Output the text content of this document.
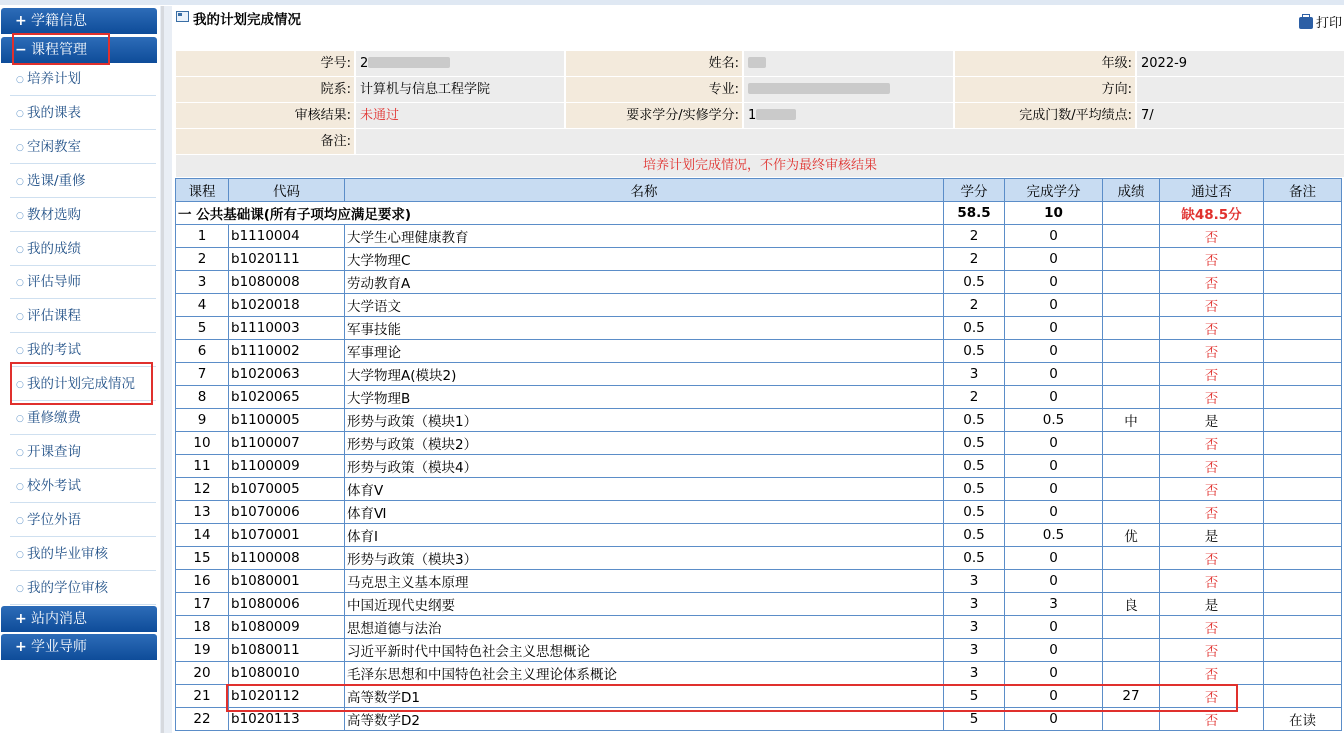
+ 学籍信息
− 课程管理
○ 培养计划
○ 我的课表
○ 空闲教室
○ 选课/重修
○ 教材选购
○ 我的成绩
○ 评估导师
○ 评估课程
○ 我的考试
○ 我的计划完成情况
○ 重修缴费
○ 开课查询
○ 校外考试
○ 学位外语
○ 我的毕业审核
○ 我的学位审核
+ 站内消息
+ 学业导师
我的计划完成情况	打印
学号: 2	姓名:	年级: 2022-9
院系: 计算机与信息工程学院	专业:	方向:
审核结果: 未通过	要求学分/实修学分: 1	完成门数/平均绩点: 7/
备注:
培养计划完成情况，不作为最终审核结果
课程	代码	名称	学分	完成学分	成绩	通过否	备注
一 公共基础课(所有子项均应满足要求)			58.5	10		缺48.5分	
1	b1110004	大学生心理健康教育	2	0		否	
2	b1020111	大学物理C	2	0		否	
3	b1080008	劳动教育A	0.5	0		否	
4	b1020018	大学语文	2	0		否	
5	b1110003	军事技能	0.5	0		否	
6	b1110002	军事理论	0.5	0		否	
7	b1020063	大学物理A(模块2)	3	0		否	
8	b1020065	大学物理B	2	0		否	
9	b1100005	形势与政策（模块1）	0.5	0.5	中	是	
10	b1100007	形势与政策（模块2）	0.5	0		否	
11	b1100009	形势与政策（模块4）	0.5	0		否	
12	b1070005	体育Ⅴ	0.5	0		否	
13	b1070006	体育Ⅵ	0.5	0		否	
14	b1070001	体育Ⅰ	0.5	0.5	优	是	
15	b1100008	形势与政策（模块3）	0.5	0		否	
16	b1080001	马克思主义基本原理	3	0		否	
17	b1080006	中国近现代史纲要	3	3	良	是	
18	b1080009	思想道德与法治	3	0		否	
19	b1080011	习近平新时代中国特色社会主义思想概论	3	0		否	
20	b1080010	毛泽东思想和中国特色社会主义理论体系概论	3	0		否	
21	b1020112	高等数学D1	5	0	27	否	
22	b1020113	高等数学D2	5	0		否	在读
